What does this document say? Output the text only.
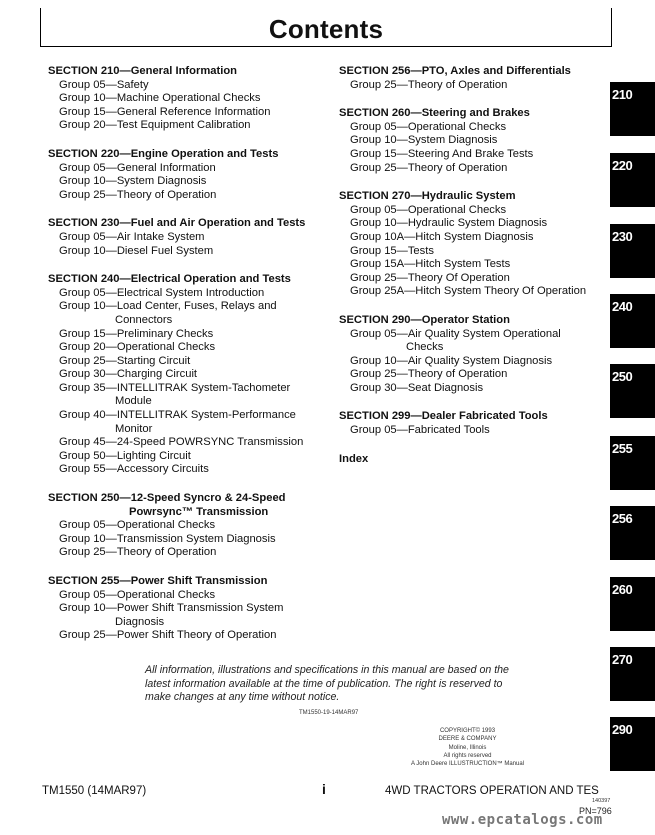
Contents
SECTION 210—General Information
Group 05—Safety
Group 10—Machine Operational Checks
Group 15—General Reference Information
Group 20—Test Equipment Calibration
SECTION 220—Engine Operation and Tests
Group 05—General Information
Group 10—System Diagnosis
Group 25—Theory of Operation
SECTION 230—Fuel and Air Operation and Tests
Group 05—Air Intake System
Group 10—Diesel Fuel System
SECTION 240—Electrical Operation and Tests
Group 05—Electrical System Introduction
Group 10—Load Center, Fuses, Relays and
Connectors
Group 15—Preliminary Checks
Group 20—Operational Checks
Group 25—Starting Circuit
Group 30—Charging Circuit
Group 35—INTELLITRAK System-Tachometer
Module
Group 40—INTELLITRAK System-Performance
Monitor
Group 45—24-Speed POWRSYNC Transmission
Group 50—Lighting Circuit
Group 55—Accessory Circuits
SECTION 250—12-Speed Syncro & 24-Speed
Powrsync™ Transmission
Group 05—Operational Checks
Group 10—Transmission System Diagnosis
Group 25—Theory of Operation
SECTION 255—Power Shift Transmission
Group 05—Operational Checks
Group 10—Power Shift Transmission System
Diagnosis
Group 25—Power Shift Theory of Operation
SECTION 256—PTO, Axles and Differentials
Group 25—Theory of Operation
SECTION 260—Steering and Brakes
Group 05—Operational Checks
Group 10—System Diagnosis
Group 15—Steering And Brake Tests
Group 25—Theory of Operation
SECTION 270—Hydraulic System
Group 05—Operational Checks
Group 10—Hydraulic System Diagnosis
Group 10A—Hitch System Diagnosis
Group 15—Tests
Group 15A—Hitch System Tests
Group 25—Theory Of Operation
Group 25A—Hitch System Theory Of Operation
SECTION 290—Operator Station
Group 05—Air Quality System Operational
Checks
Group 10—Air Quality System Diagnosis
Group 25—Theory of Operation
Group 30—Seat Diagnosis
SECTION 299—Dealer Fabricated Tools
Group 05—Fabricated Tools
Index
210
220
230
240
250
255
256
260
270
290
All information, illustrations and specifications in this manual are based on the latest information available at the time of publication. The right is reserved to make changes at any time without notice.
TM1550-19-14MAR97
COPYRIGHT© 1993
DEERE & COMPANY
Moline, Illinois
All rights reserved
A John Deere ILLUSTRUCTION™ Manual
TM1550 (14MAR97)	i	4WD TRACTORS OPERATION AND TES
140397
PN=796
www.epcatalogs.com
